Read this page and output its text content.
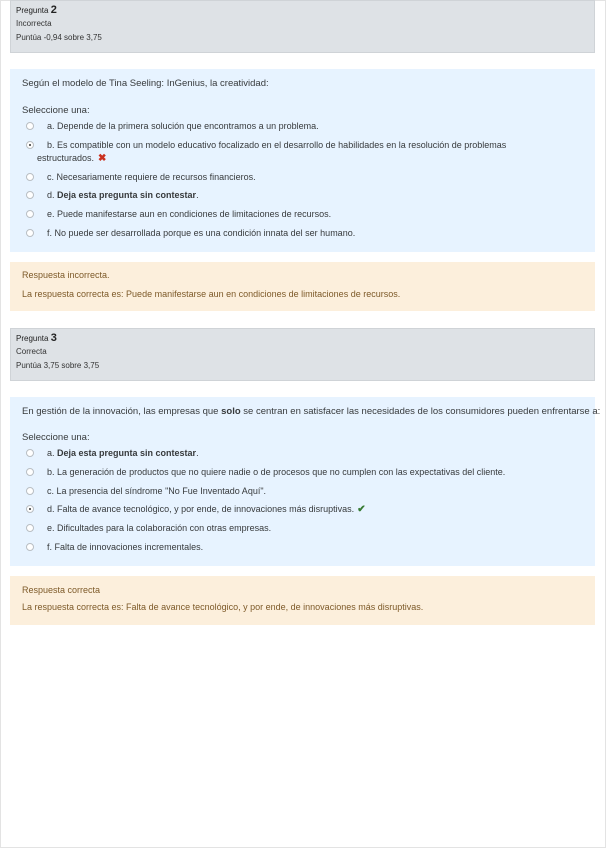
Pregunta 2
Incorrecta
Puntúa -0,94 sobre 3,75
Según el modelo de Tina Seeling: InGenius, la creatividad:
Seleccione una:
a. Depende de la primera solución que encontramos a un problema.
b. Es compatible con un modelo educativo focalizado en el desarrollo de habilidades en la resolución de problemas estructurados. ✖
c. Necesariamente requiere de recursos financieros.
d. Deja esta pregunta sin contestar.
e. Puede manifestarse aun en condiciones de limitaciones de recursos.
f. No puede ser desarrollada porque es una condición innata del ser humano.
Respuesta incorrecta.
La respuesta correcta es: Puede manifestarse aun en condiciones de limitaciones de recursos.
Pregunta 3
Correcta
Puntúa 3,75 sobre 3,75
En gestión de la innovación, las empresas que solo se centran en satisfacer las necesidades de los consumidores pueden enfrentarse a:
Seleccione una:
a. Deja esta pregunta sin contestar.
b. La generación de productos que no quiere nadie o de procesos que no cumplen con las expectativas del cliente.
c. La presencia del síndrome "No Fue Inventado Aquí".
d. Falta de avance tecnológico, y por ende, de innovaciones más disruptivas. ✔
e. Dificultades para la colaboración con otras empresas.
f. Falta de innovaciones incrementales.
Respuesta correcta
La respuesta correcta es: Falta de avance tecnológico, y por ende, de innovaciones más disruptivas.
